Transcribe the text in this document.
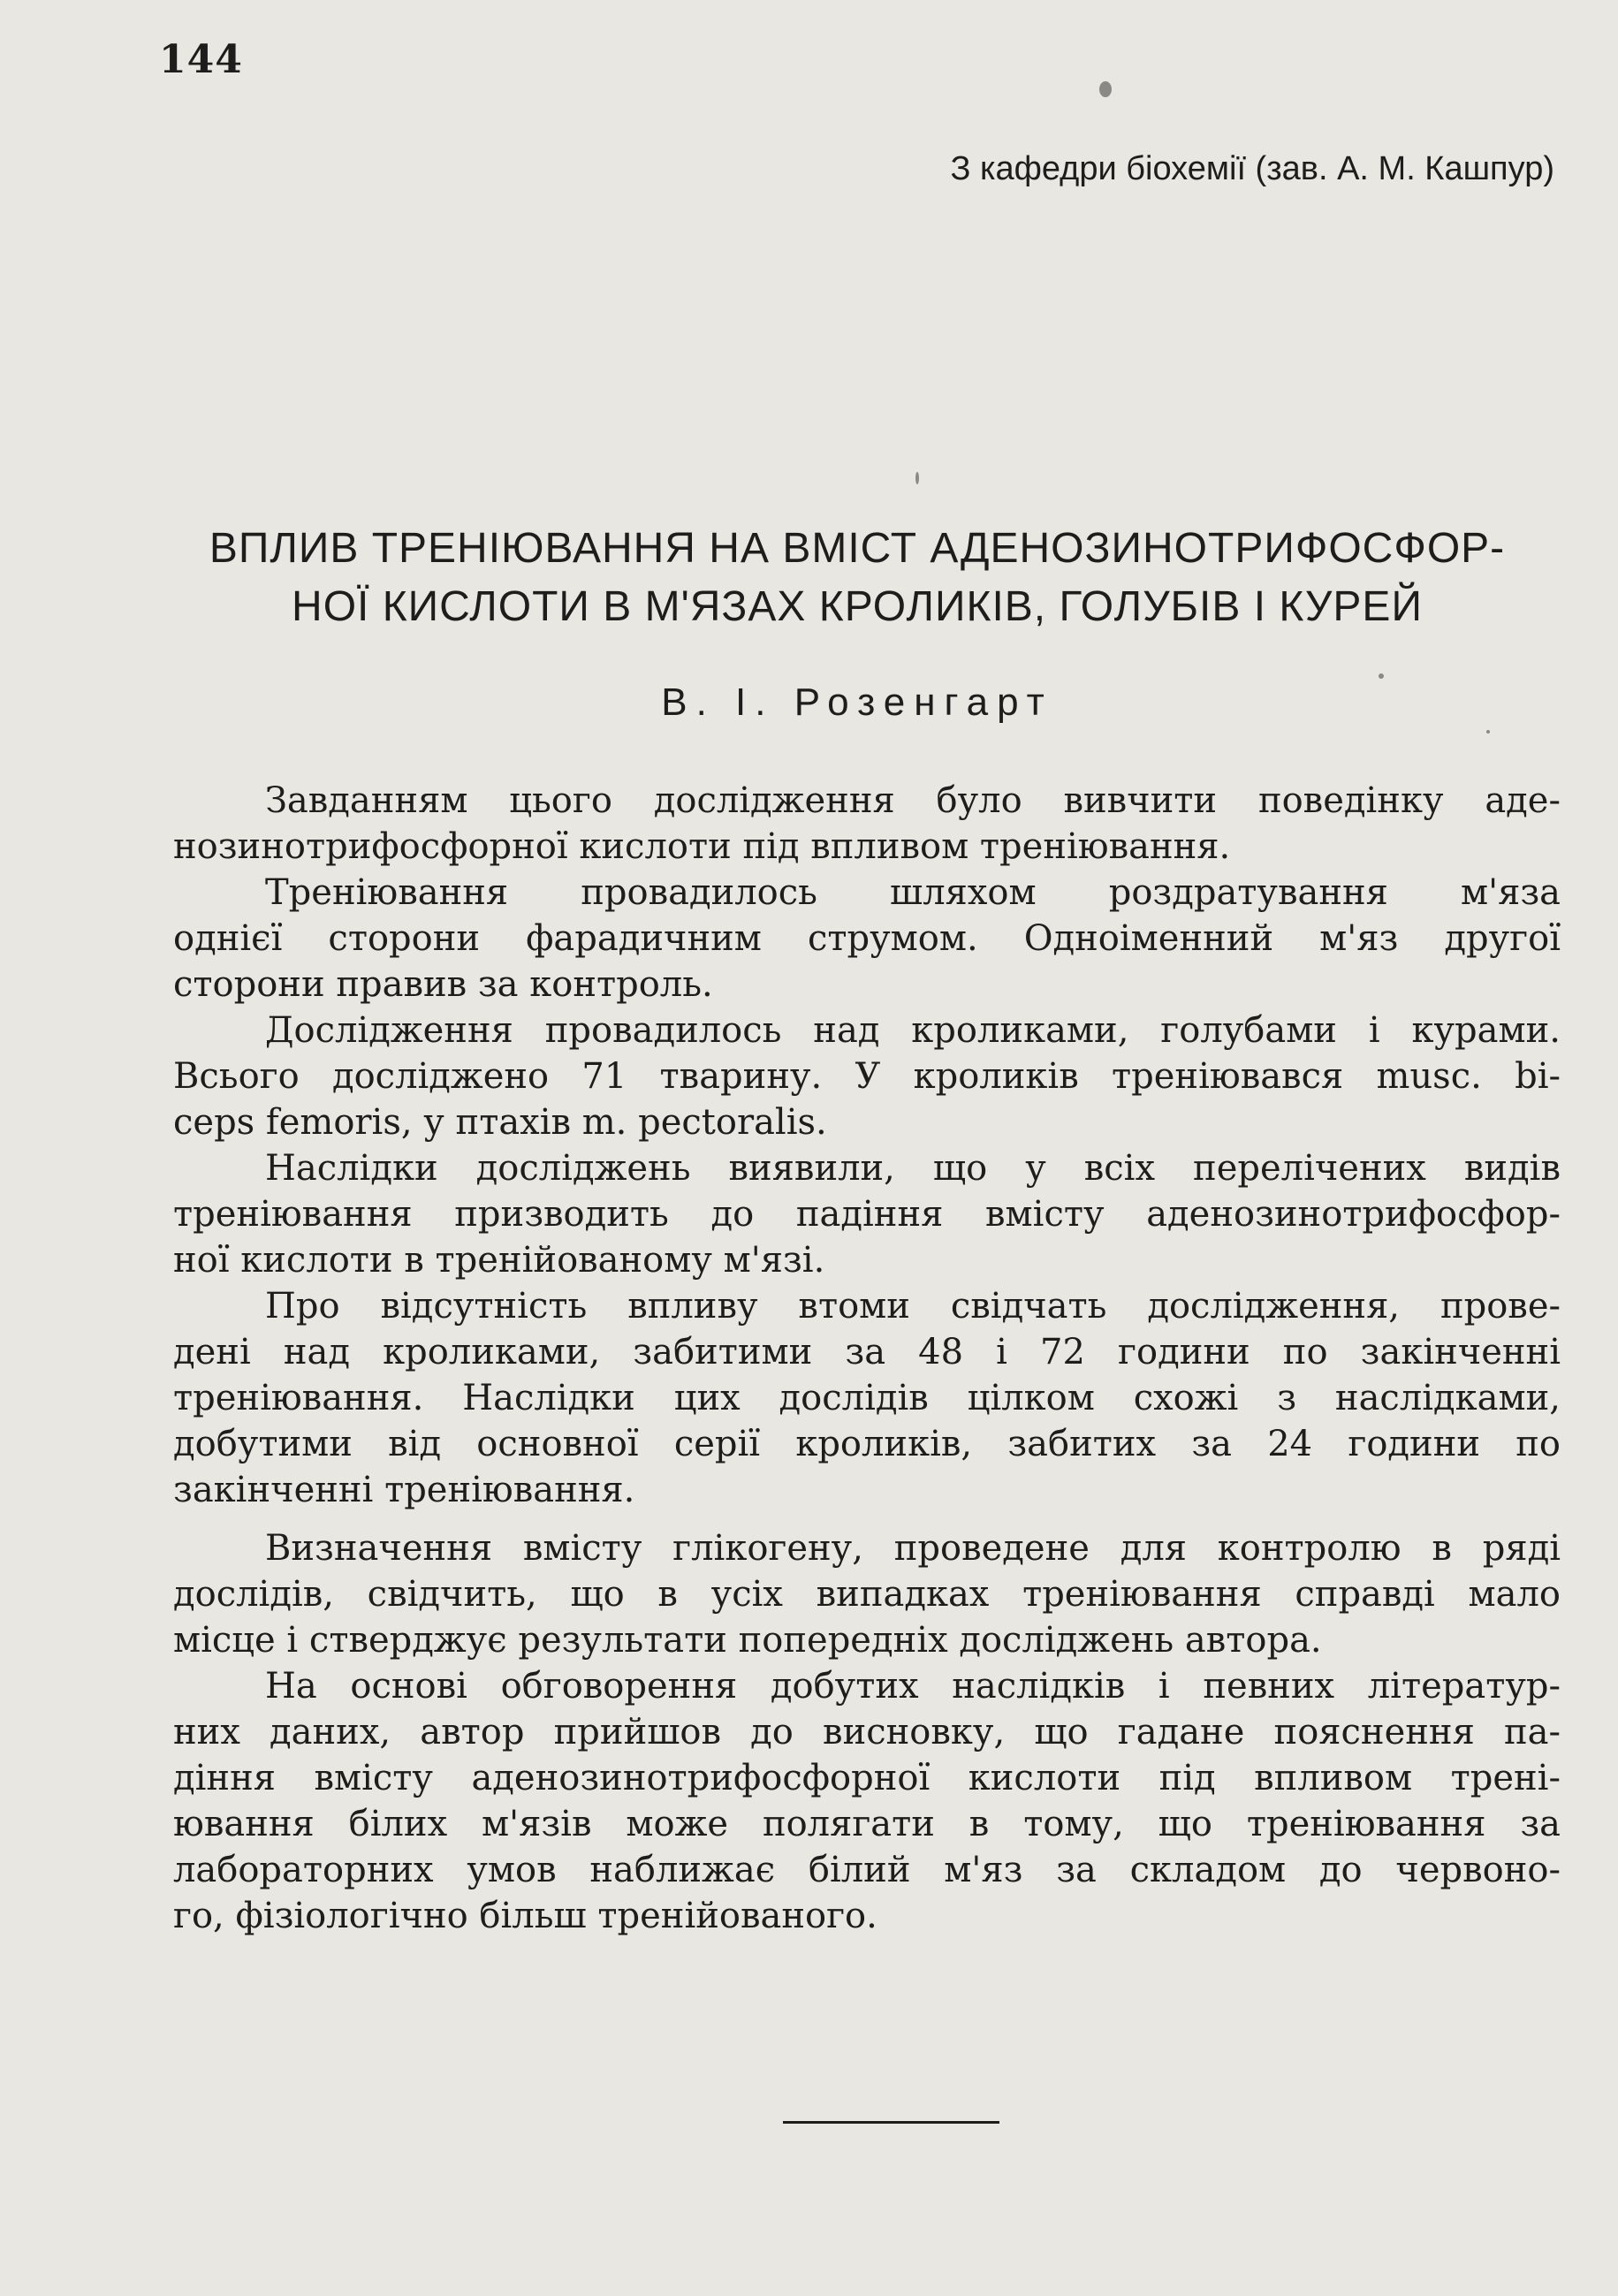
144
З кафедри біохемії (зав. А. М. Кашпур)
ВПЛИВ ТРЕНІЮВАННЯ НА ВМІСТ АДЕНОЗИНОТРИФОСФОР-
НОЇ КИСЛОТИ В М'ЯЗАХ КРОЛИКІВ, ГОЛУБІВ І КУРЕЙ
В. І. Розенгарт
Завданням цього дослідження було вивчити поведінку аде-
нозинотрифосфорної кислоти під впливом треніювання.
Треніювання провадилось шляхом роздратування м'яза
однієї сторони фарадичним струмом. Одноіменний м'яз другої
сторони правив за контроль.
Дослідження провадилось над кроликами, голубами і курами.
Всього досліджено 71 тварину. У кроликів треніювався musc. bi-
ceps femoris, у птахів m. pectoralis.
Наслідки досліджень виявили, що у всіх перелічених видів
треніювання призводить до падіння вмісту аденозинотрифосфор-
ної кислоти в тренійованому м'язі.
Про відсутність впливу втоми свідчать дослідження, прове-
дені над кроликами, забитими за 48 і 72 години по закінченні
треніювання. Наслідки цих дослідів цілком схожі з наслідками,
добутими від основної серії кроликів, забитих за 24 години по
закінченні треніювання.
Визначення вмісту глікогену, проведене для контролю в ряді
дослідів, свідчить, що в усіх випадках треніювання справді мало
місце і стверджує результати попередніх досліджень автора.
На основі обговорення добутих наслідків і певних літератур-
них даних, автор прийшов до висновку, що гадане пояснення па-
діння вмісту аденозинотрифосфорної кислоти під впливом трені-
ювання білих м'язів може полягати в тому, що треніювання за
лабораторних умов наближає білий м'яз за складом до червоно-
го, фізіологічно більш тренійованого.
